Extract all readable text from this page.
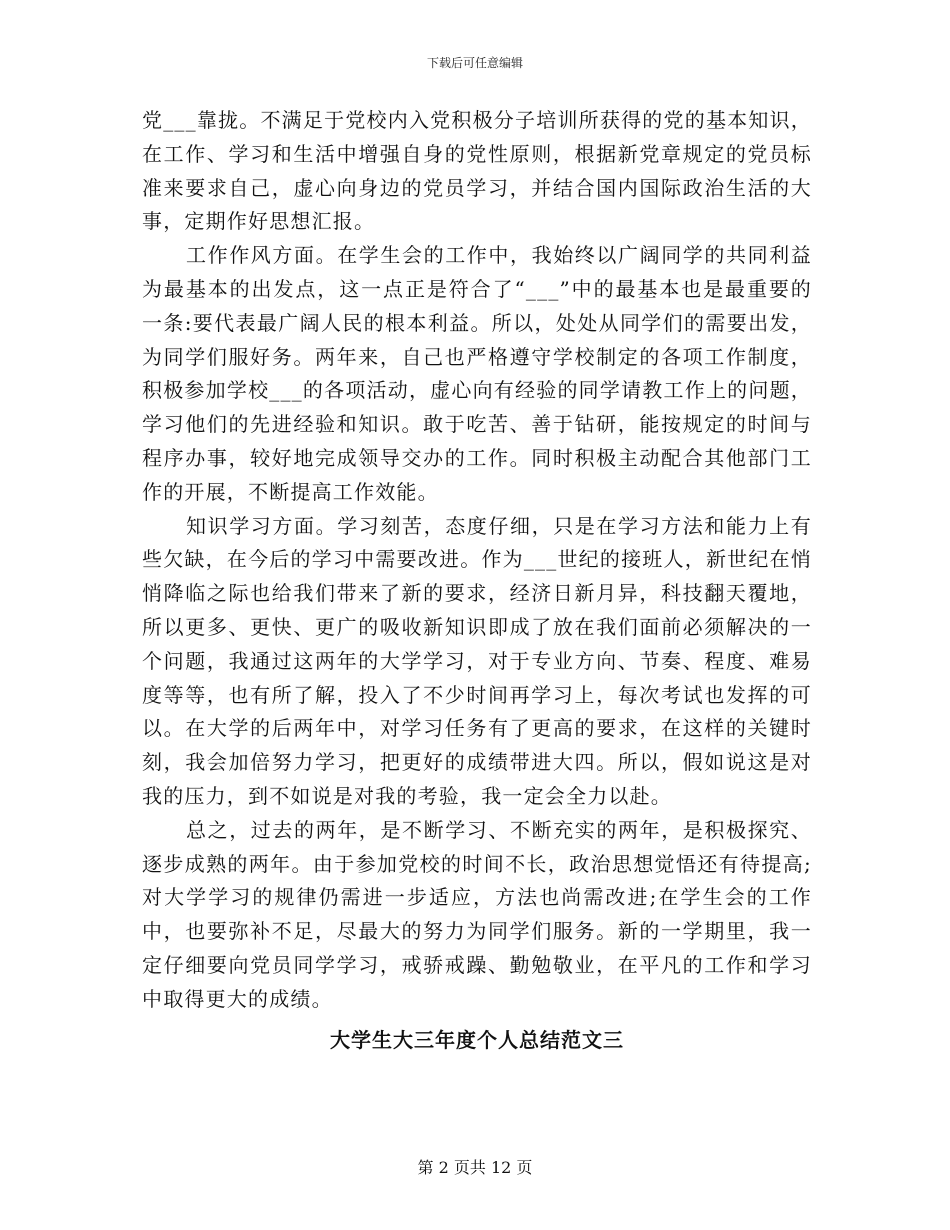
下载后可任意编辑

党___靠拢。不满足于党校内入党积极分子培训所获得的党的基本知识，在工作、学习和生活中增强自身的党性原则，根据新党章规定的党员标准来要求自己，虚心向身边的党员学习，并结合国内国际政治生活的大事，定期作好思想汇报。

工作作风方面。在学生会的工作中，我始终以广阔同学的共同利益为最基本的出发点，这一点正是符合了“___”中的最基本也是最重要的一条:要代表最广阔人民的根本利益。所以，处处从同学们的需要出发，为同学们服好务。两年来，自己也严格遵守学校制定的各项工作制度，积极参加学校___的各项活动，虚心向有经验的同学请教工作上的问题，学习他们的先进经验和知识。敢于吃苦、善于钻研，能按规定的时间与程序办事，较好地完成领导交办的工作。同时积极主动配合其他部门工作的开展，不断提高工作效能。

知识学习方面。学习刻苦，态度仔细，只是在学习方法和能力上有些欠缺，在今后的学习中需要改进。作为___世纪的接班人，新世纪在悄悄降临之际也给我们带来了新的要求，经济日新月异，科技翻天覆地，所以更多、更快、更广的吸收新知识即成了放在我们面前必须解决的一个问题，我通过这两年的大学学习，对于专业方向、节奏、程度、难易度等等，也有所了解，投入了不少时间再学习上，每次考试也发挥的可以。在大学的后两年中，对学习任务有了更高的要求，在这样的关键时刻，我会加倍努力学习，把更好的成绩带进大四。所以，假如说这是对我的压力，到不如说是对我的考验，我一定会全力以赴。

总之，过去的两年，是不断学习、不断充实的两年，是积极探究、逐步成熟的两年。由于参加党校的时间不长，政治思想觉悟还有待提高;对大学学习的规律仍需进一步适应，方法也尚需改进;在学生会的工作中，也要弥补不足，尽最大的努力为同学们服务。新的一学期里，我一定仔细要向党员同学学习，戒骄戒躁、勤勉敬业，在平凡的工作和学习中取得更大的成绩。

大学生大三年度个人总结范文三
第 2 页共 12 页
